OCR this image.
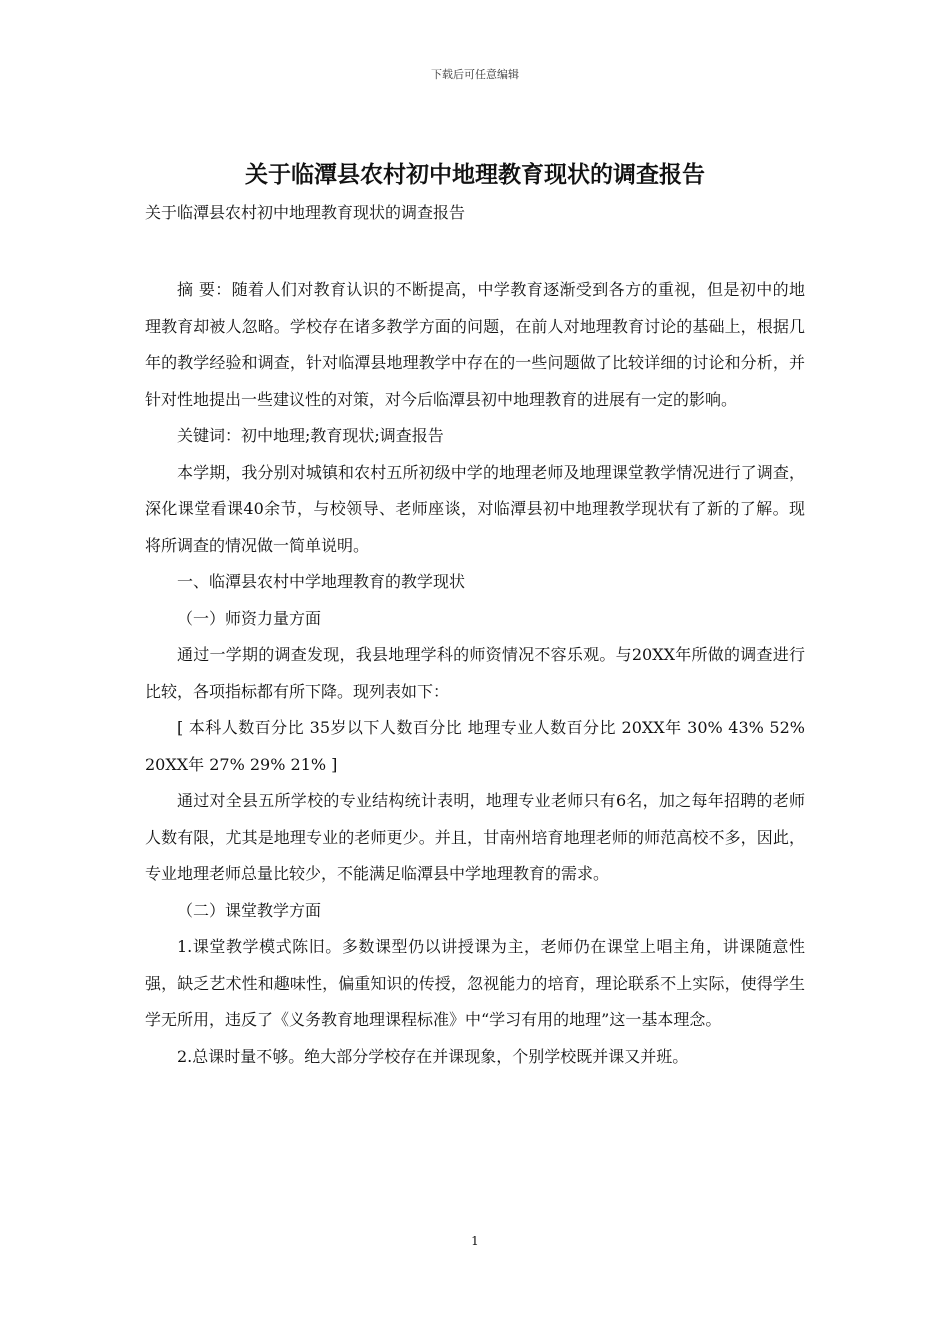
下载后可任意编辑
关于临潭县农村初中地理教育现状的调查报告

关于临潭县农村初中地理教育现状的调查报告

摘 要：随着人们对教育认识的不断提高，中学教育逐渐受到各方的重视，但是初中的地理教育却被人忽略。学校存在诸多教学方面的问题，在前人对地理教育讨论的基础上，根据几年的教学经验和调查，针对临潭县地理教学中存在的一些问题做了比较详细的讨论和分析，并针对性地提出一些建议性的对策，对今后临潭县初中地理教育的进展有一定的影响。

关键词：初中地理;教育现状;调查报告

本学期，我分别对城镇和农村五所初级中学的地理老师及地理课堂教学情况进行了调查，深化课堂看课40余节，与校领导、老师座谈，对临潭县初中地理教学现状有了新的了解。现将所调查的情况做一简单说明。

一、临潭县农村中学地理教育的教学现状

（一）师资力量方面

通过一学期的调查发现，我县地理学科的师资情况不容乐观。与20XX年所做的调查进行比较，各项指标都有所下降。现列表如下：

[ 本科人数百分比 35岁以下人数百分比 地理专业人数百分比 20XX年 30% 43% 52% 20XX年 27% 29% 21% ]

通过对全县五所学校的专业结构统计表明，地理专业老师只有6名，加之每年招聘的老师人数有限，尤其是地理专业的老师更少。并且，甘南州培育地理老师的师范高校不多，因此，专业地理老师总量比较少，不能满足临潭县中学地理教育的需求。

（二）课堂教学方面

1.课堂教学模式陈旧。多数课型仍以讲授课为主，老师仍在课堂上唱主角，讲课随意性强，缺乏艺术性和趣味性，偏重知识的传授，忽视能力的培育，理论联系不上实际，使得学生学无所用，违反了《义务教育地理课程标准》中“学习有用的地理”这一基本理念。

2.总课时量不够。绝大部分学校存在并课现象，个别学校既并课又并班。

1
